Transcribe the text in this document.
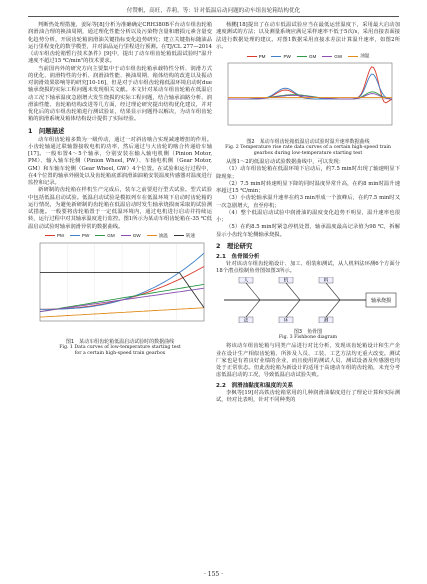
付赞帆，高旺，乔莉，等：针对低温启动问题的动车组齿轮箱结构优化

判断热处理措施，姜际等[8]分析为准确确定CRH380B平台动车组齿轮箱润滑油合理的换油周期，通过理化性能分析以及污染物含量和磨损元素含量变化趋势分析，开展齿轮箱润滑油关键指标变化趋势研究；建立关键指标随油品运行里程变化的数学模型，并对油品运行里程进行预测。在TJ/CL 277—2014《动车组齿轮箱暂行技术条件》[9]中，提出了动车组齿轮箱低温试验时"温升速度不超过15 ℃/min"的技术要求。

当前国内外的研究方向主要集中于动车组齿轮箱承载特性分析、润滑方式的优化、润滑特性的分析、润滑油性能、换油周期、箱体结构的改进以及振动对润滑效果影响等的研究[10-16]，但是对于动车组齿轮箱低温环境启动时due轴承烧损的实际工程问题未发现相关文献。本文针对某动车组齿轮箱在低温启动工况下轴承温度急剧增大发生烧损的实际工程问题，结合轴承油路分析、润滑油性能、齿轮箱结构改进等几方面，经过理论研究提出结构优化建议，并对优化后的动车组齿轮箱进行测试验证，结果显示问题得以解决，为动车组齿轮箱的润滑系统及箱体结构设计提供了实际经验。

1　问题描述

动车组齿轮箱多数为一级传动，通过一对斜齿啮合实现减速增扭的作用。小齿轮轴通过联轴器接收电机的功率，然后通过与大齿轮的啮合传递给车轴[17]。一般布置4～5个轴承，分别安装在输入轴电机侧（Pinion Motor, PM）、输入轴车轮侧（Pinion Wheel, PW）、车轴电机侧（Gear Motor, GM）和车轴车轮侧（Gear Wheel, GW）4个位置。在试验和运行过程中，在4个位置的轴承外圈处以及齿轮箱底部润滑油油箱安装温度传感器对温度进行监控和记录。

新研制的齿轮箱在样机生产完成后，装车之前要进行型式试验。型式试验中包括低温启动试验。低温启动试验是模拟列车在低温环境下启动时齿轮箱的运行情况，为避免新研制的齿轮箱在低温启动时发生轴承烧损而采取的试验测试措施。一般要将齿轮箱置于一定低温环境内，通过电机进行启动并持续运转，运行过程中对其轴承温度进行监控。图1所示为某动车组齿轮箱在-35 ℃低温启动试验时轴承润滑异常的数据曲线。

PM	PW	GM	GW	油温	转速

图1　某动车组齿轮箱低温启动试验时的数据曲线

Fig. 1 Data curves of low-temperature starting test

for a certain high-speed train gearbox

杨鹏[18]提出了在动车低温试验应当在最低运营温度下，采用最大启动加速度测试的方法；以及测量系统应满足采样速率不低于5次/s，采用直接表面接法进行数据处理的建议。对图1数据采用直接求差法计算温升速率，如图2所示。

PM	PW	GM	GW	油温

图2　某动车组齿轮箱低温启动试验时温升速率数据曲线

Fig. 2 Temperature rise rate data curves of a certain high-speed train

gearbox during low-temperature starting test

从图1～2的低温启动试验数据曲线中，可以发现：

（1）动车组齿轮箱在低温环境下启动后，约7.5 min时出现了轴速明显下降现象；

（2）7.5 min时转速明显下降的同时温度异常升高，在约8 min时温升速率超过15 ℃/min；

（3）小齿轮轴承温升速率在约3 min形成一个波峰后，在约7.5 min时又一次急剧增大，直至停机；

（4）整个低温启动试验中润滑油的温度变化趋势不明显，温升速率也很小；

（5）在约8.5 min时紧急停机处置，轴承温度最高记录值为98 ℃，拆解显示小齿轮车轮侧轴承烧损。

2　理论研究
2.1　鱼骨图分析

针对该动车组齿轮箱设计、加工、组装和测试，从人机料法环测6个方面分18个潜点绘制鱼骨图如图3所示。

轴承烧损
人	机	料
法	环	测

图3　鱼骨图

Fig. 3 Fishbone diagram

将该动车组齿轮箱与同类产品进行对比分析，发现该齿轮箱设计和生产企业在设计生产相似齿轮箱、所涉及人员、工装、工艺方法均无重大改变。测试厂家也是有着良好业绩的企业，而且使用的测试人员、测试设备及传感器也均处于正常状态。但此齿轮箱为新设计的适用于高速动车组的齿轮箱，未充分考虑低温启动的工况，导致低温启动试验失败。

2.2　润滑油黏度和温度的关系

李枫等[19]对高铁齿轮箱常用的几种润滑油黏度进行了理论计算和实际测试，经对比表明，针对不同种类的

· 155 ·
